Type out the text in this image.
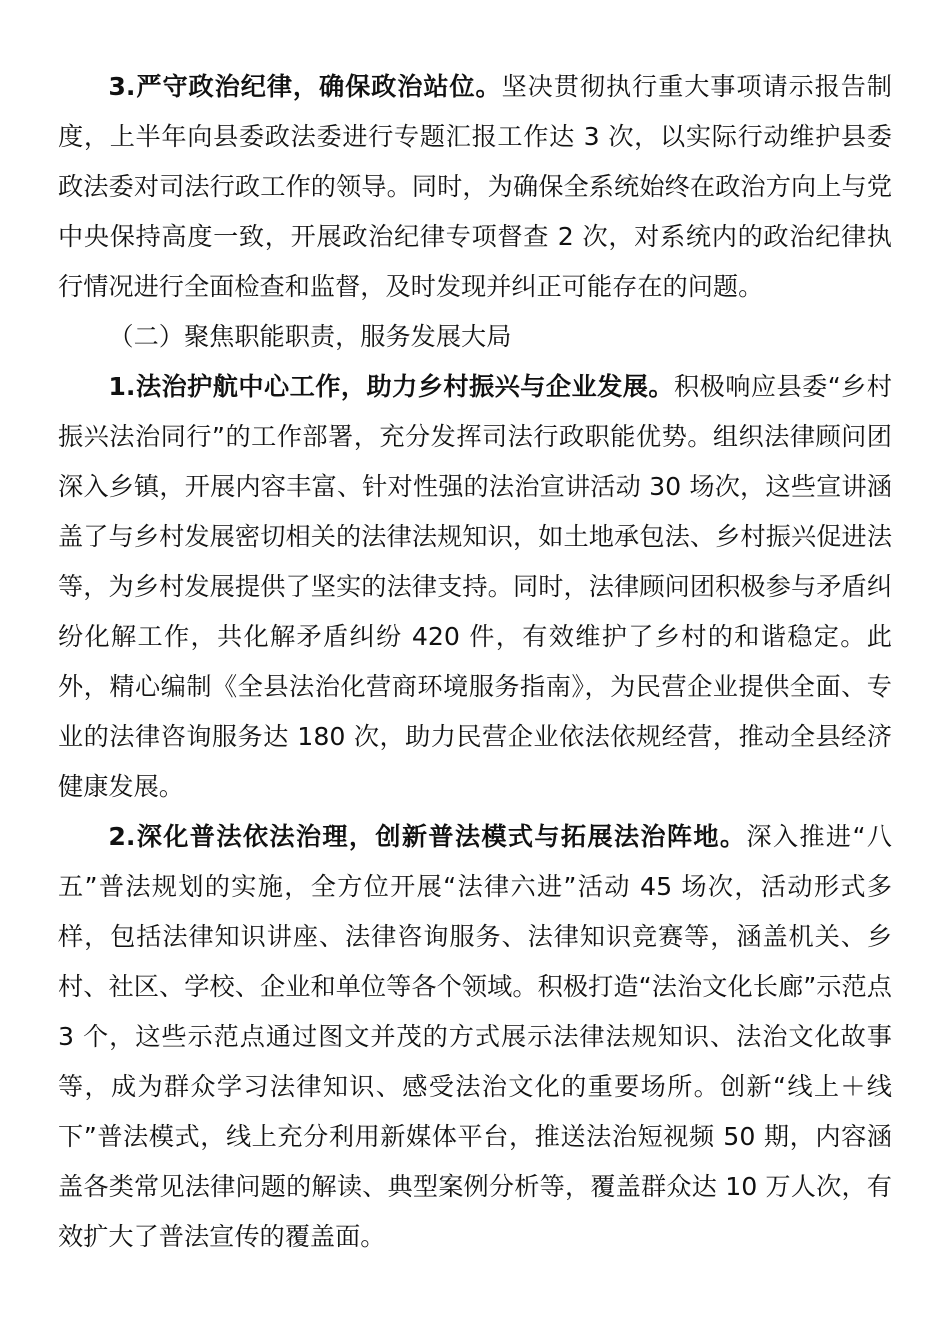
3.严守政治纪律，确保政治站位。坚决贯彻执行重大事项请示报告制度，上半年向县委政法委进行专题汇报工作达 3 次，以实际行动维护县委政法委对司法行政工作的领导。同时，为确保全系统始终在政治方向上与党中央保持高度一致，开展政治纪律专项督查 2 次，对系统内的政治纪律执行情况进行全面检查和监督，及时发现并纠正可能存在的问题。

（二）聚焦职能职责，服务发展大局

1.法治护航中心工作，助力乡村振兴与企业发展。积极响应县委“乡村振兴法治同行”的工作部署，充分发挥司法行政职能优势。组织法律顾问团深入乡镇，开展内容丰富、针对性强的法治宣讲活动 30 场次，这些宣讲涵盖了与乡村发展密切相关的法律法规知识，如土地承包法、乡村振兴促进法等，为乡村发展提供了坚实的法律支持。同时，法律顾问团积极参与矛盾纠纷化解工作，共化解矛盾纠纷 420 件，有效维护了乡村的和谐稳定。此外，精心编制《全县法治化营商环境服务指南》，为民营企业提供全面、专业的法律咨询服务达 180 次，助力民营企业依法依规经营，推动全县经济健康发展。

2.深化普法依法治理，创新普法模式与拓展法治阵地。深入推进“八五”普法规划的实施，全方位开展“法律六进”活动 45 场次，活动形式多样，包括法律知识讲座、法律咨询服务、法律知识竞赛等，涵盖机关、乡村、社区、学校、企业和单位等各个领域。积极打造“法治文化长廊”示范点 3 个，这些示范点通过图文并茂的方式展示法律法规知识、法治文化故事等，成为群众学习法律知识、感受法治文化的重要场所。创新“线上＋线下”普法模式，线上充分利用新媒体平台，推送法治短视频 50 期，内容涵盖各类常见法律问题的解读、典型案例分析等，覆盖群众达 10 万人次，有效扩大了普法宣传的覆盖面。
